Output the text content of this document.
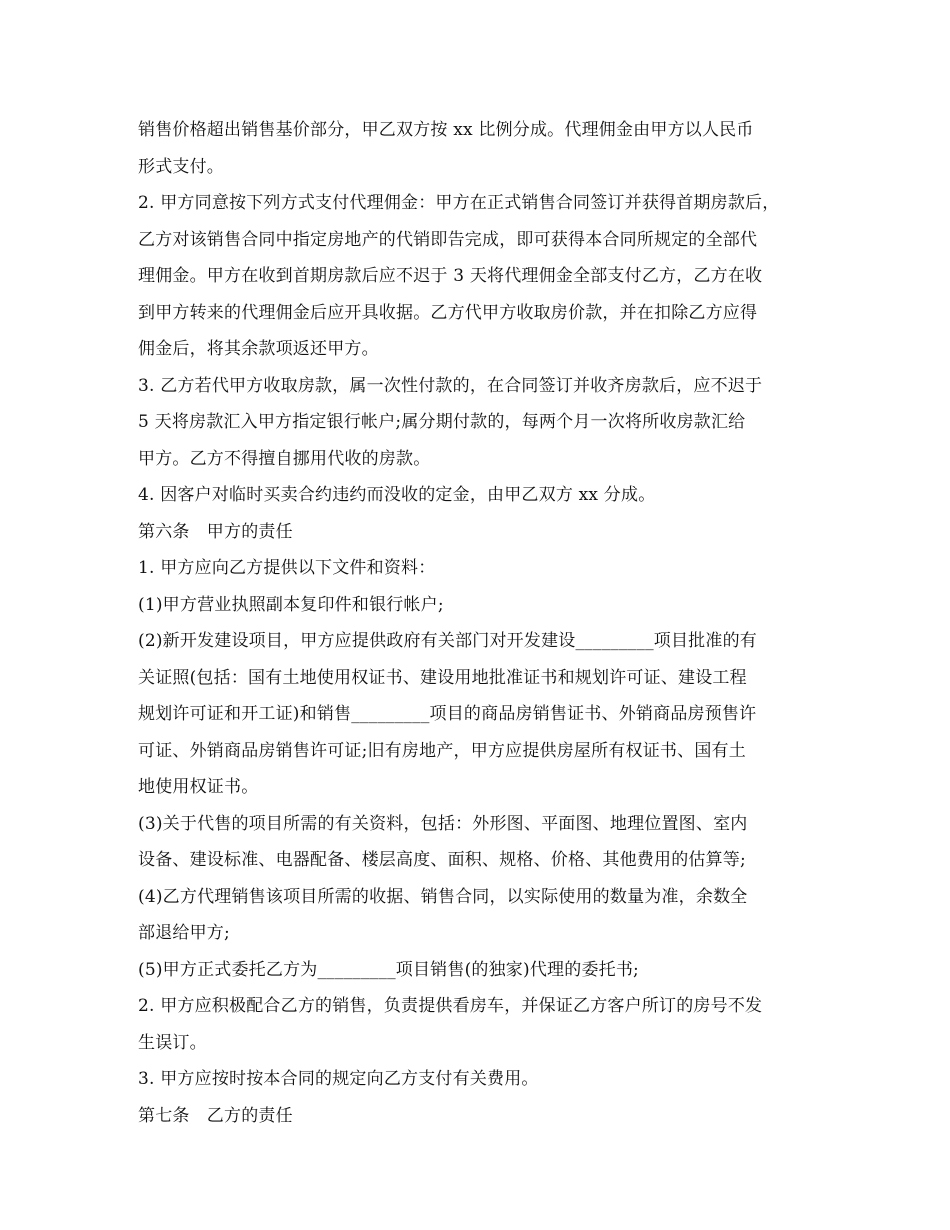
销售价格超出销售基价部分，甲乙双方按 xx 比例分成。代理佣金由甲方以人民币
形式支付。
2. 甲方同意按下列方式支付代理佣金：甲方在正式销售合同签订并获得首期房款后，
乙方对该销售合同中指定房地产的代销即告完成，即可获得本合同所规定的全部代
理佣金。甲方在收到首期房款后应不迟于 3 天将代理佣金全部支付乙方，乙方在收
到甲方转来的代理佣金后应开具收据。乙方代甲方收取房价款，并在扣除乙方应得
佣金后，将其余款项返还甲方。
3. 乙方若代甲方收取房款，属一次性付款的，在合同签订并收齐房款后，应不迟于
5 天将房款汇入甲方指定银行帐户;属分期付款的，每两个月一次将所收房款汇给
甲方。乙方不得擅自挪用代收的房款。
4. 因客户对临时买卖合约违约而没收的定金，由甲乙双方 xx 分成。
第六条　甲方的责任
1. 甲方应向乙方提供以下文件和资料：
(1)甲方营业执照副本复印件和银行帐户;
(2)新开发建设项目，甲方应提供政府有关部门对开发建设_________项目批准的有
关证照(包括：国有土地使用权证书、建设用地批准证书和规划许可证、建设工程
规划许可证和开工证)和销售_________项目的商品房销售证书、外销商品房预售许
可证、外销商品房销售许可证;旧有房地产，甲方应提供房屋所有权证书、国有土
地使用权证书。
(3)关于代售的项目所需的有关资料，包括：外形图、平面图、地理位置图、室内
设备、建设标准、电器配备、楼层高度、面积、规格、价格、其他费用的估算等;
(4)乙方代理销售该项目所需的收据、销售合同，以实际使用的数量为准，余数全
部退给甲方;
(5)甲方正式委托乙方为_________项目销售(的独家)代理的委托书;
2. 甲方应积极配合乙方的销售，负责提供看房车，并保证乙方客户所订的房号不发
生误订。
3. 甲方应按时按本合同的规定向乙方支付有关费用。
第七条　乙方的责任
